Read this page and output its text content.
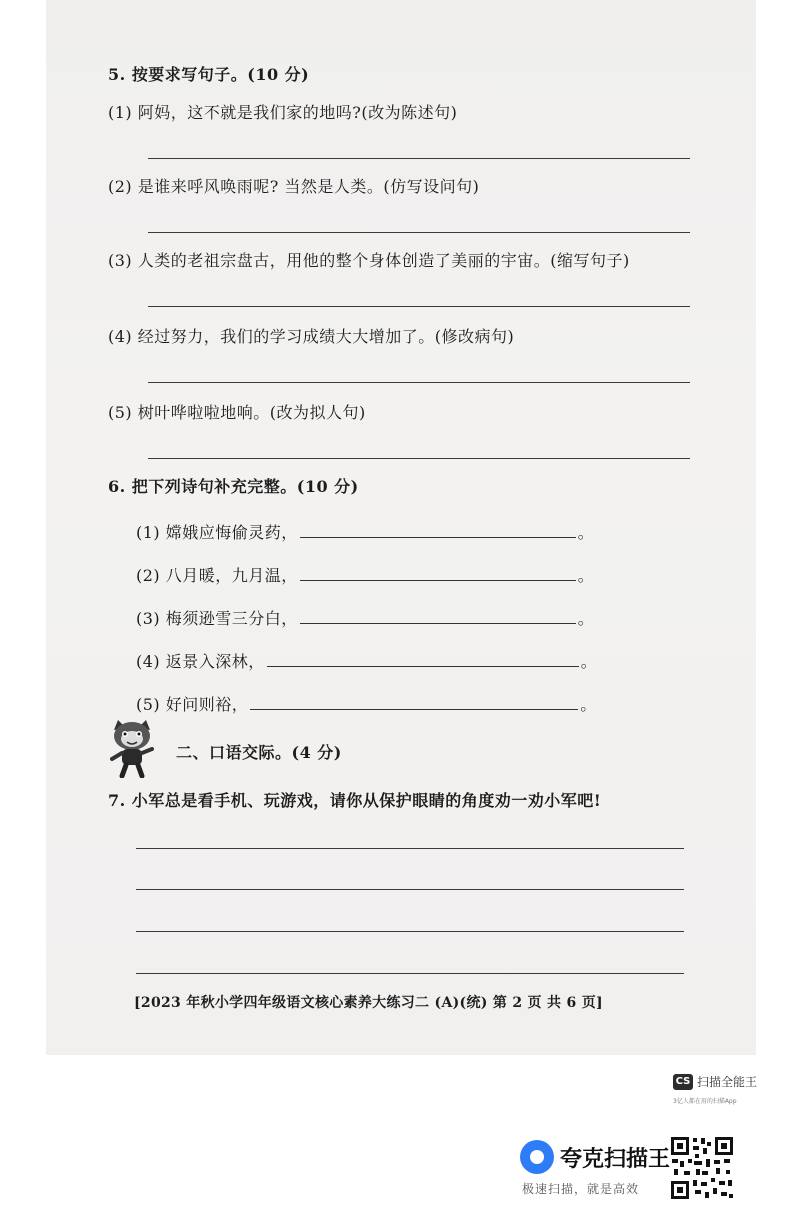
5. 按要求写句子。(10 分)
(1) 阿妈，这不就是我们家的地吗?(改为陈述句)
(2) 是谁来呼风唤雨呢? 当然是人类。(仿写设问句)
(3) 人类的老祖宗盘古，用他的整个身体创造了美丽的宇宙。(缩写句子)
(4) 经过努力，我们的学习成绩大大增加了。(修改病句)
(5) 树叶哗啦啦地响。(改为拟人句)
6. 把下列诗句补充完整。(10 分)
(1) 嫦娥应悔偷灵药，	。
(2) 八月暖，九月温，	。
(3) 梅须逊雪三分白，	。
(4) 返景入深林，	。
(5) 好问则裕，	。
二、口语交际。(4 分)
7. 小军总是看手机、玩游戏，请你从保护眼睛的角度劝一劝小军吧!
[2023 年秋小学四年级语文核心素养大练习二 (A)(统) 第 2 页 共 6 页]
CS 扫描全能王
3亿人都在用的扫描App
夸克扫描王
极速扫描，就是高效
